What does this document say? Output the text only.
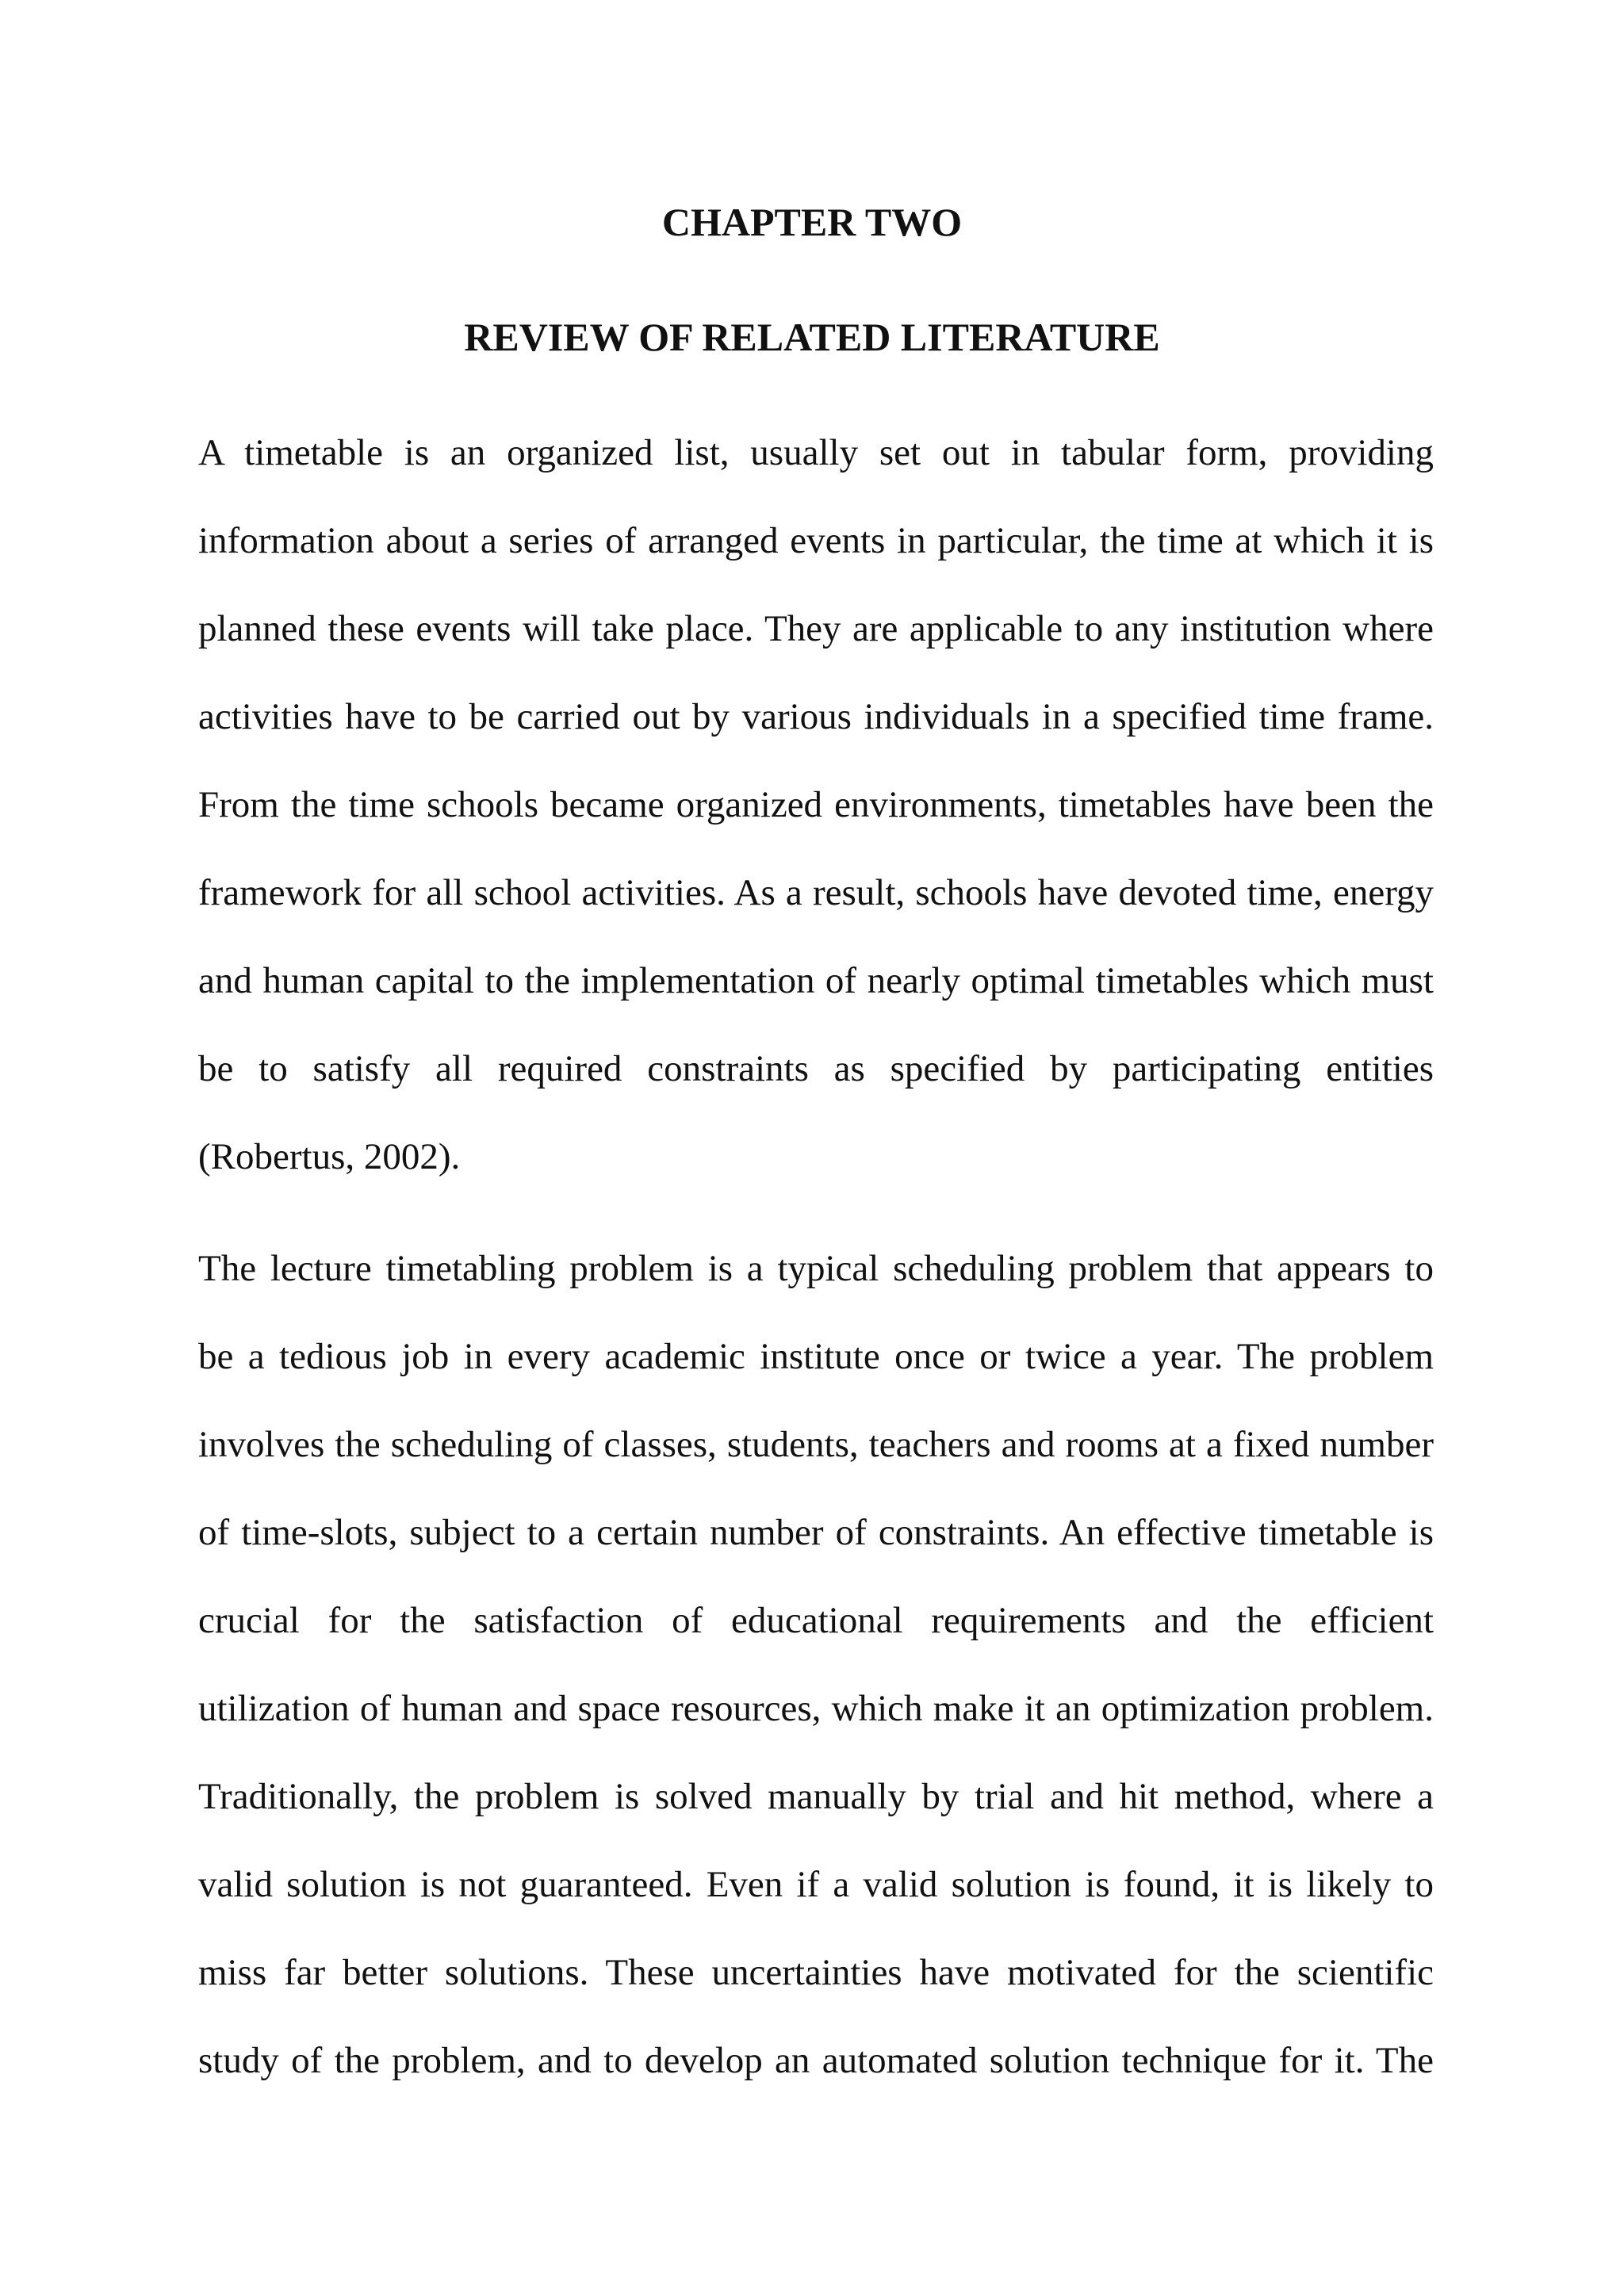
CHAPTER TWO
REVIEW OF RELATED LITERATURE
A timetable is an organized list, usually set out in tabular form, providing
information about a series of arranged events in particular, the time at which it is
planned these events will take place. They are applicable to any institution where
activities have to be carried out by various individuals in a specified time frame.
From the time schools became organized environments, timetables have been the
framework for all school activities. As a result, schools have devoted time, energy
and human capital to the implementation of nearly optimal timetables which must
be to satisfy all required constraints as specified by participating entities
(Robertus, 2002).
The lecture timetabling problem is a typical scheduling problem that appears to
be a tedious job in every academic institute once or twice a year. The problem
involves the scheduling of classes, students, teachers and rooms at a fixed number
of time-slots, subject to a certain number of constraints. An effective timetable is
crucial for the satisfaction of educational requirements and the efficient
utilization of human and space resources, which make it an optimization problem.
Traditionally, the problem is solved manually by trial and hit method, where a
valid solution is not guaranteed. Even if a valid solution is found, it is likely to
miss far better solutions. These uncertainties have motivated for the scientific
study of the problem, and to develop an automated solution technique for it. The
